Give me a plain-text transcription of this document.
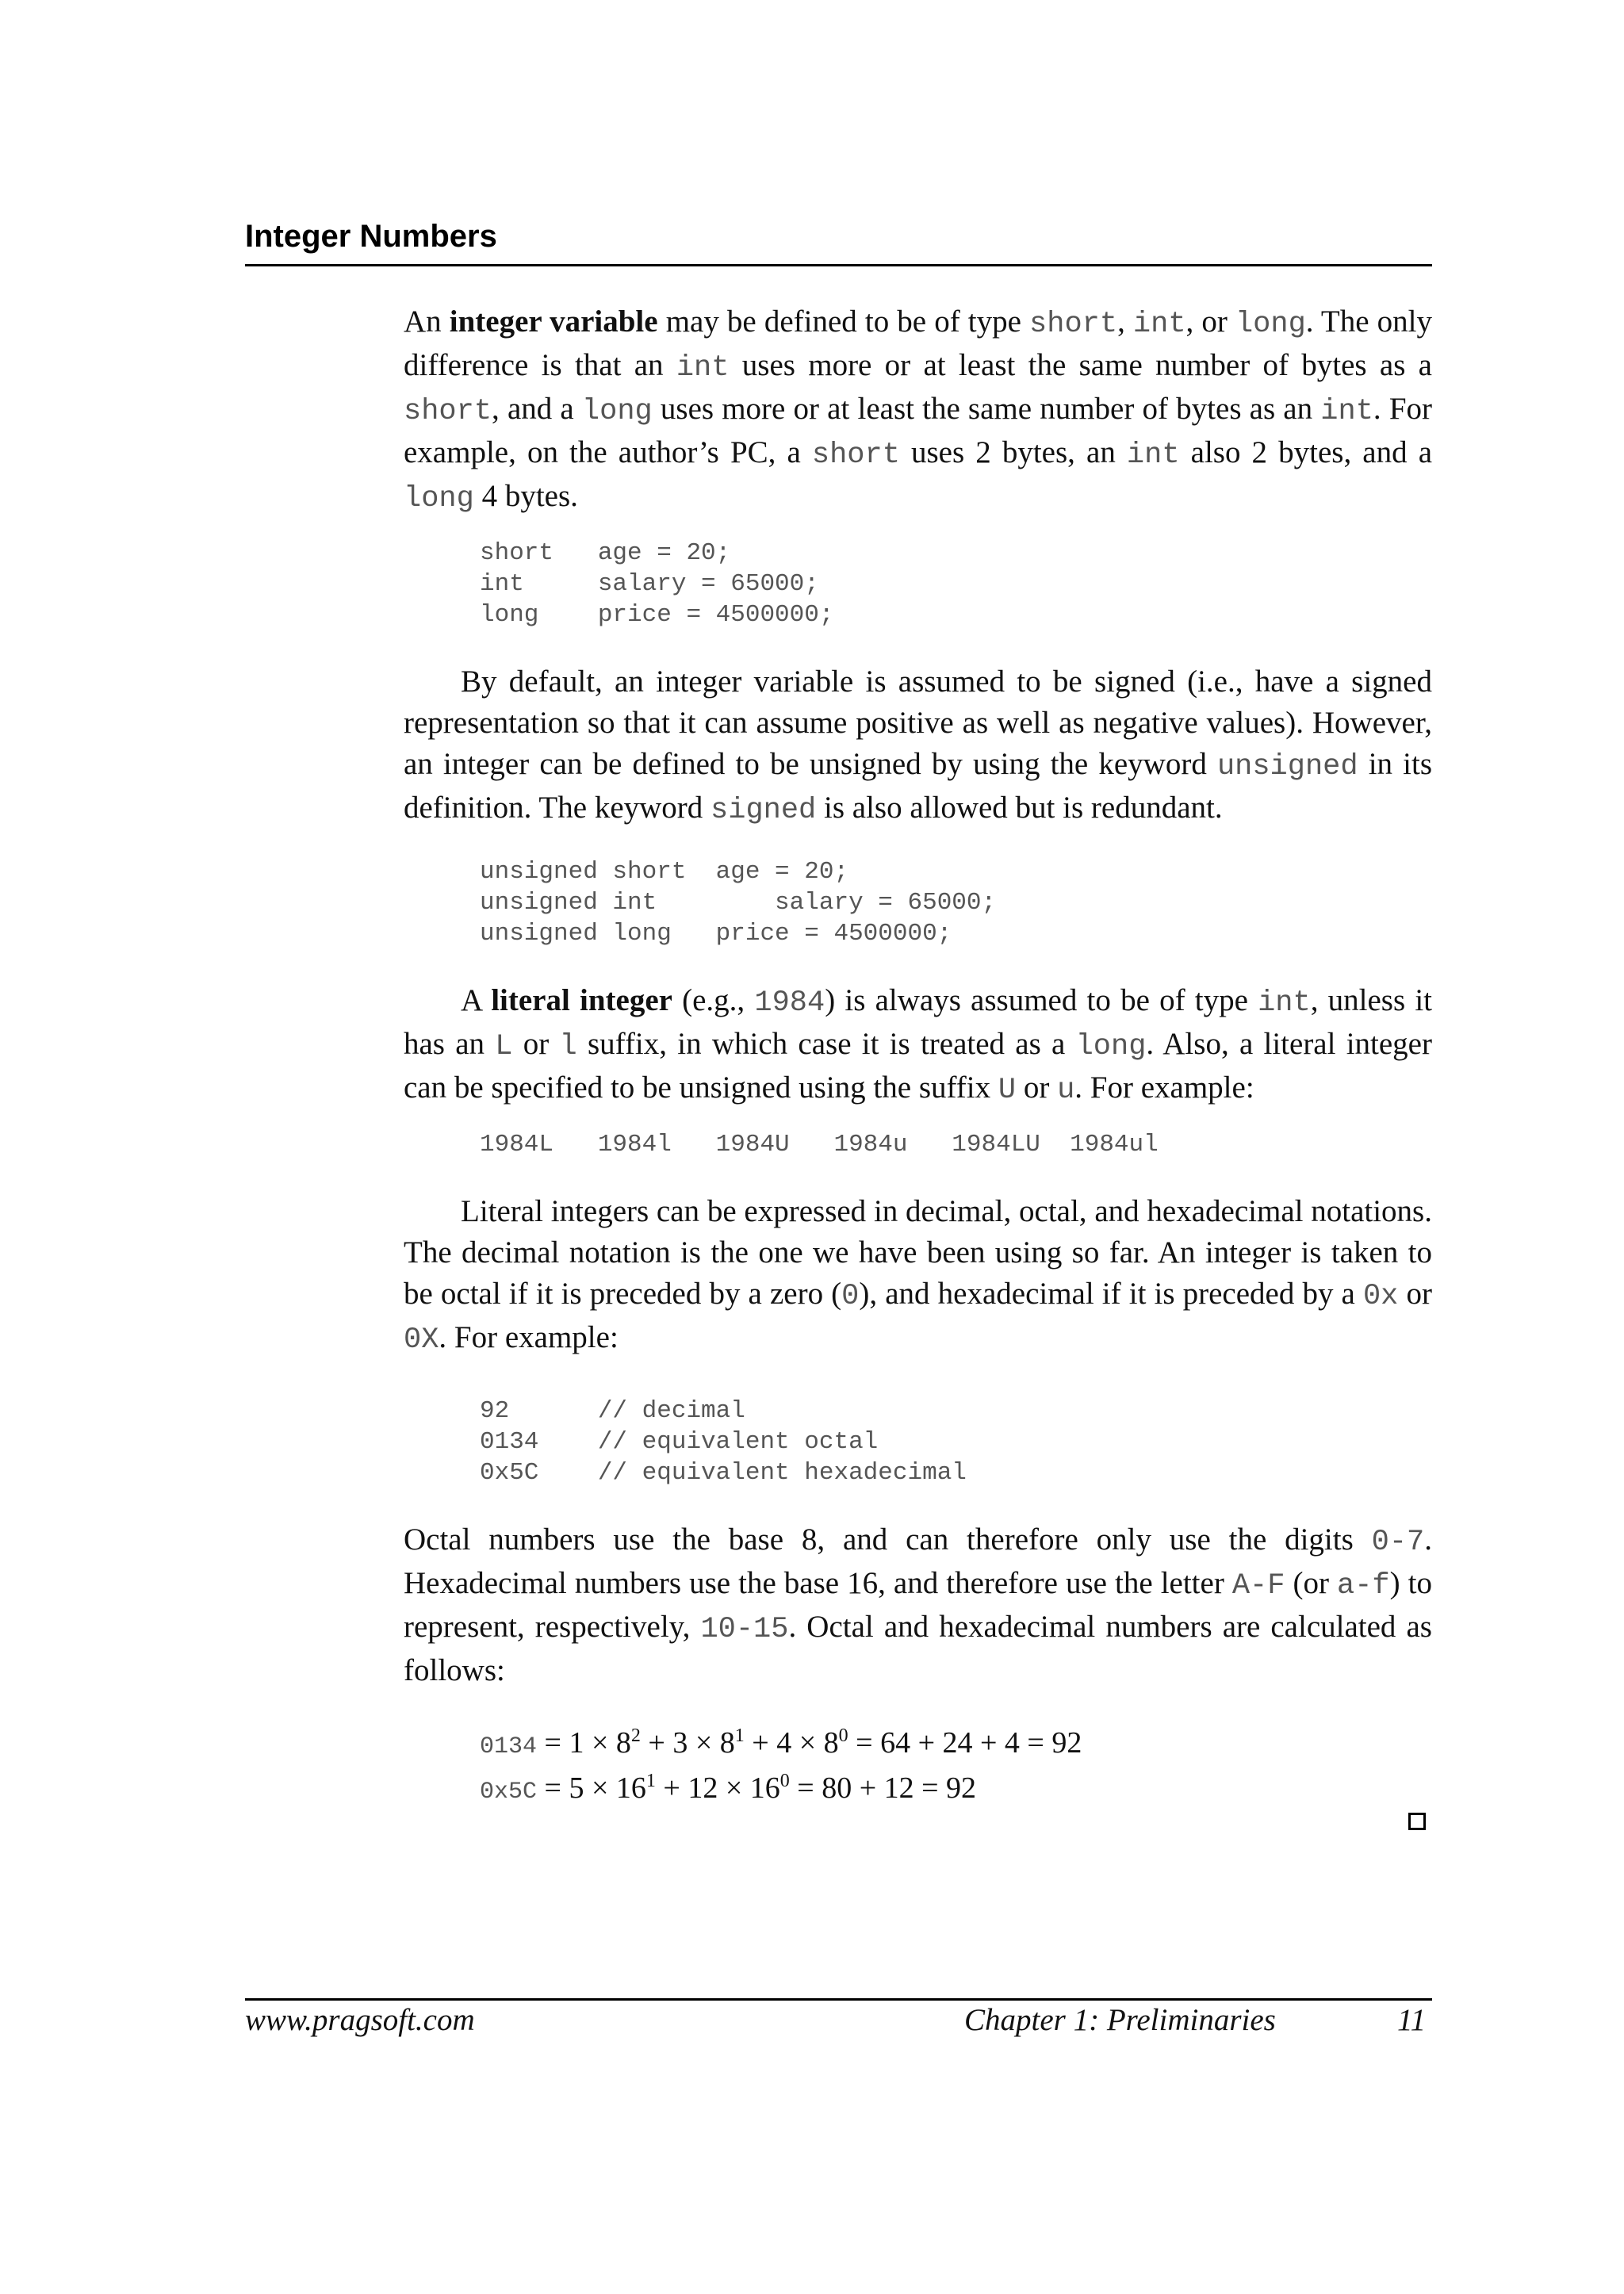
Integer Numbers

An integer variable may be defined to be of type short, int, or long. The only difference is that an int uses more or at least the same number of bytes as a short, and a long uses more or at least the same number of bytes as an int. For example, on the author’s PC, a short uses 2 bytes, an int also 2 bytes, and a long 4 bytes.

short   age = 20;
int     salary = 65000;
long    price = 4500000;

By default, an integer variable is assumed to be signed (i.e., have a signed representation so that it can assume positive as well as negative values). However, an integer can be defined to be unsigned by using the keyword unsigned in its definition. The keyword signed is also allowed but is redundant.

unsigned short  age = 20;
unsigned int        salary = 65000;
unsigned long   price = 4500000;

A literal integer (e.g., 1984) is always assumed to be of type int, unless it has an L or l suffix, in which case it is treated as a long. Also, a literal integer can be specified to be unsigned using the suffix U or u. For example:

1984L   1984l   1984U   1984u   1984LU  1984ul

Literal integers can be expressed in decimal, octal, and hexadecimal notations. The decimal notation is the one we have been using so far. An integer is taken to be octal if it is preceded by a zero (0), and hexadecimal if it is preceded by a 0x or 0X. For example:

92      // decimal
0134    // equivalent octal
0x5C    // equivalent hexadecimal

Octal numbers use the base 8, and can therefore only use the digits 0-7. Hexadecimal numbers use the base 16, and therefore use the letter A-F (or a-f) to represent, respectively, 10-15. Octal and hexadecimal numbers are calculated as follows:

$0134 = 1 \times 8^2 + 3 \times 8^1 + 4 \times 8^0 = 64 + 24 + 4 = 92$
$0x5C = 5 \times 16^1 + 12 \times 16^0 = 80 + 12 = 92$
www.pragsoft.com	Chapter 1: Preliminaries	11
